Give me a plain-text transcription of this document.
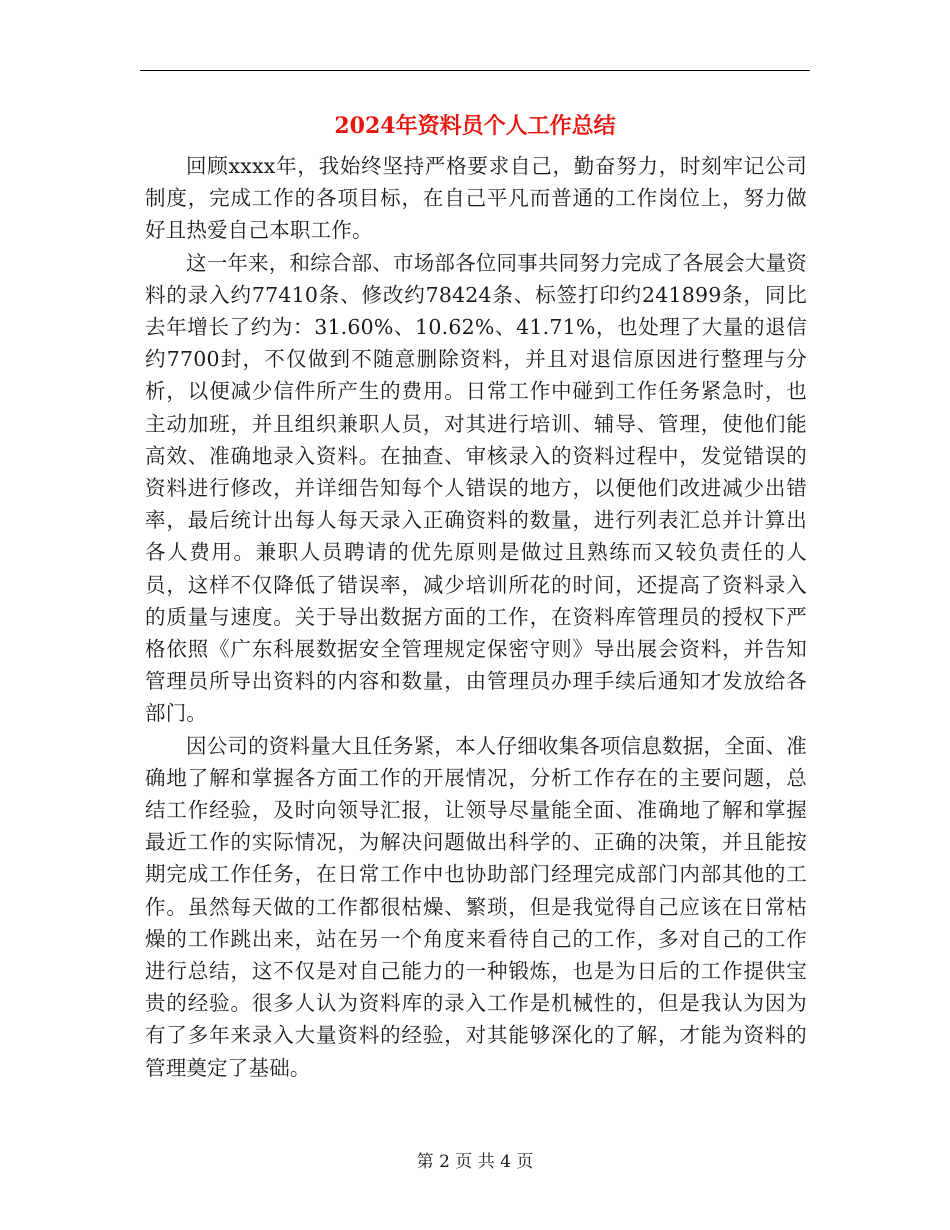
2024年资料员个人工作总结

回顾xxxx年，我始终坚持严格要求自己，勤奋努力，时刻牢记公司制度，完成工作的各项目标，在自己平凡而普通的工作岗位上，努力做好且热爱自己本职工作。

这一年来，和综合部、市场部各位同事共同努力完成了各展会大量资料的录入约77410条、修改约78424条、标签打印约241899条，同比去年增长了约为：31.60%、10.62%、41.71%，也处理了大量的退信约7700封，不仅做到不随意删除资料，并且对退信原因进行整理与分析，以便减少信件所产生的费用。日常工作中碰到工作任务紧急时，也主动加班，并且组织兼职人员，对其进行培训、辅导、管理，使他们能高效、准确地录入资料。在抽查、审核录入的资料过程中，发觉错误的资料进行修改，并详细告知每个人错误的地方，以便他们改进减少出错率，最后统计出每人每天录入正确资料的数量，进行列表汇总并计算出各人费用。兼职人员聘请的优先原则是做过且熟练而又较负责任的人员，这样不仅降低了错误率，减少培训所花的时间，还提高了资料录入的质量与速度。关于导出数据方面的工作，在资料库管理员的授权下严格依照《广东科展数据安全管理规定保密守则》导出展会资料，并告知管理员所导出资料的内容和数量，由管理员办理手续后通知才发放给各部门。

因公司的资料量大且任务紧，本人仔细收集各项信息数据，全面、准确地了解和掌握各方面工作的开展情况，分析工作存在的主要问题，总结工作经验，及时向领导汇报，让领导尽量能全面、准确地了解和掌握最近工作的实际情况，为解决问题做出科学的、正确的决策，并且能按期完成工作任务，在日常工作中也协助部门经理完成部门内部其他的工作。虽然每天做的工作都很枯燥、繁琐，但是我觉得自己应该在日常枯燥的工作跳出来，站在另一个角度来看待自己的工作，多对自己的工作进行总结，这不仅是对自己能力的一种锻炼，也是为日后的工作提供宝贵的经验。很多人认为资料库的录入工作是机械性的，但是我认为因为有了多年来录入大量资料的经验，对其能够深化的了解，才能为资料的管理奠定了基础。

第 2 页 共 4 页
